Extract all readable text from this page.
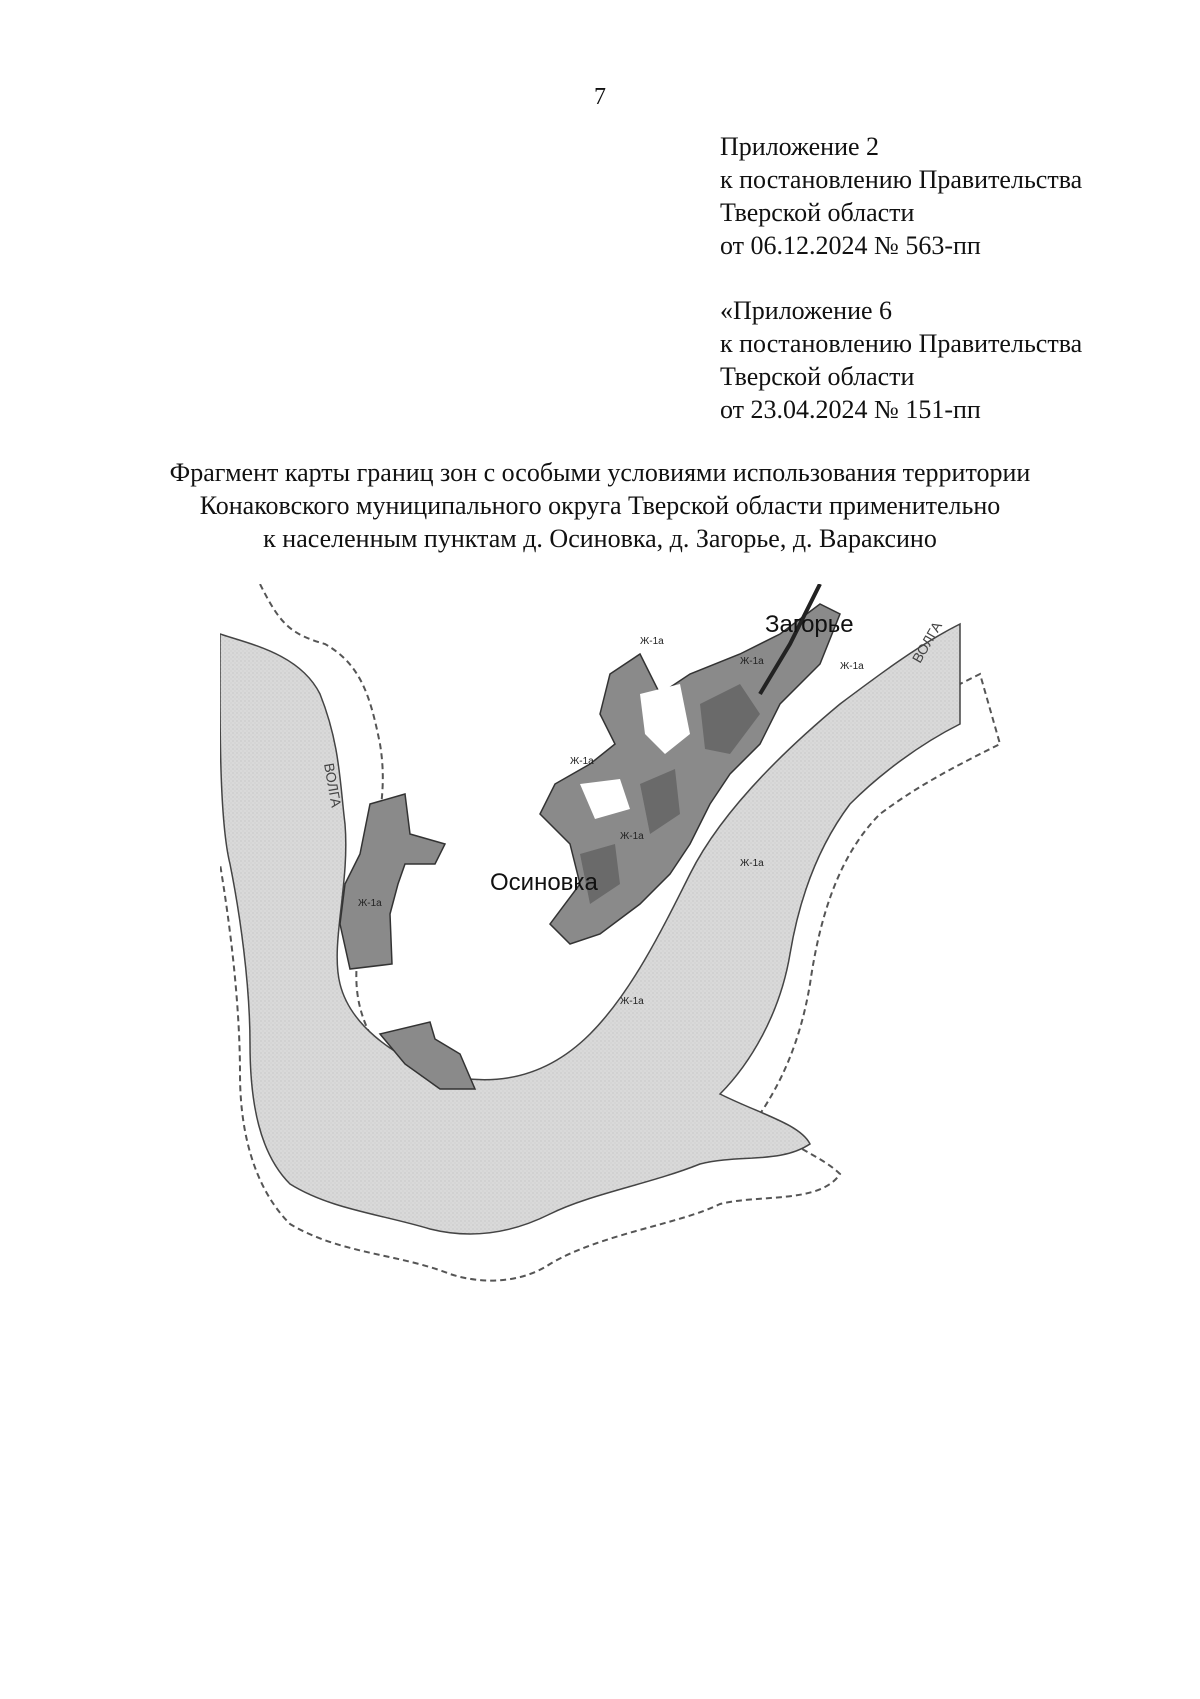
7
Приложение 2
к постановлению Правительства
Тверской области
от 06.12.2024 № 563-пп
«Приложение 6
к постановлению Правительства
Тверской области
от 23.04.2024 № 151-пп
Фрагмент карты границ зон с особыми условиями использования территории
Конаковского муниципального округа Тверской области применительно
к населенным пунктам д. Осиновка, д. Загорье, д. Вараксино
Ж-1а
Ж-1а
Ж-1а	Ж-1а
Ж-1а
Ж-1а
Ж-1а
Ж-1а
ВОЛГА
ВОЛГА
Загорье
Осиновка
